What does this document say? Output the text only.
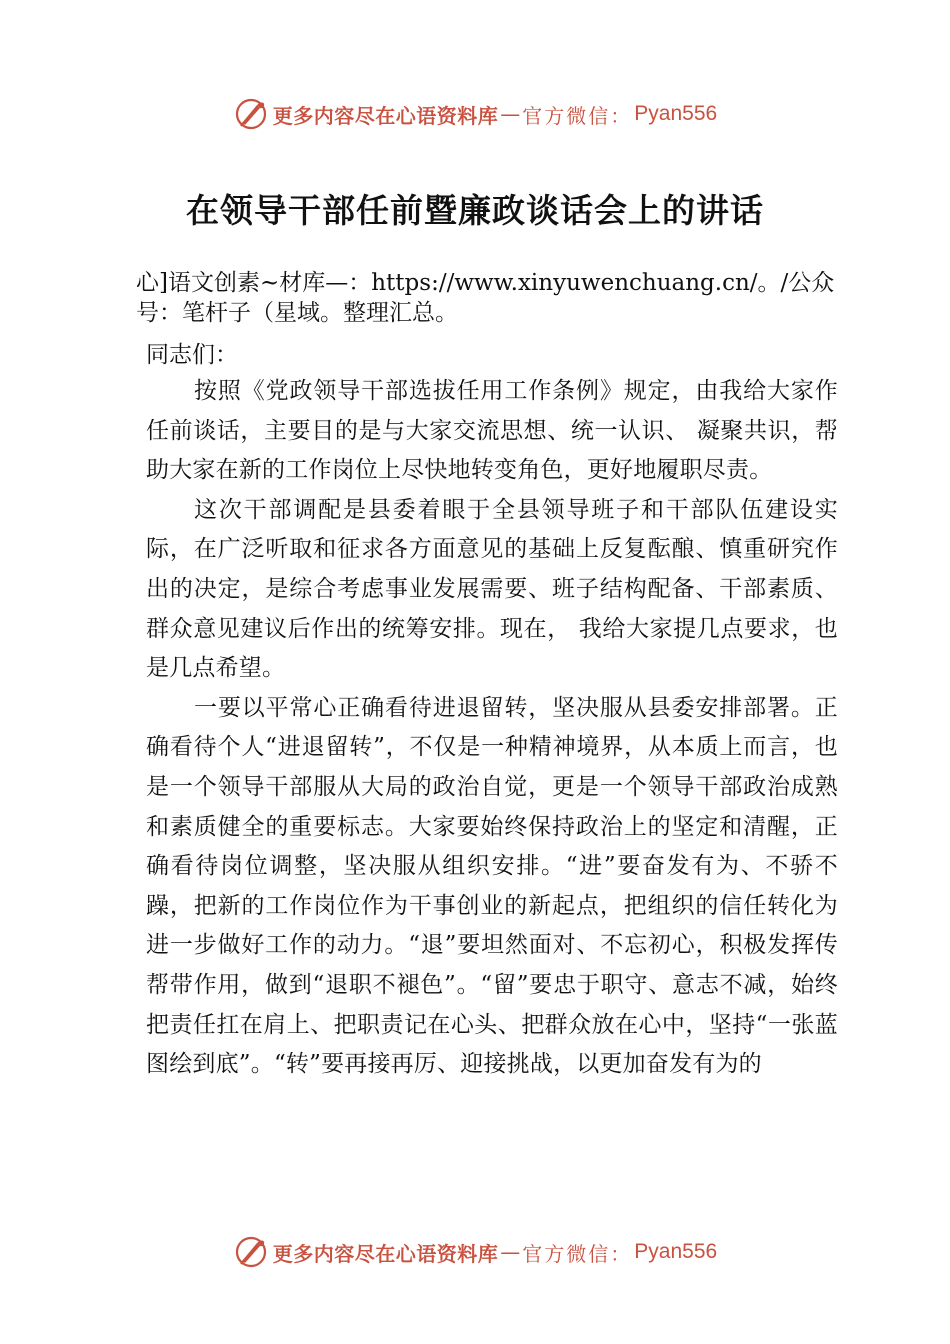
更多内容尽在心语资料库 — 官方微信： Pyan556
在领导干部任前暨廉政谈话会上的讲话

心]语文创素~材库—：https://www.xinyuwenchuang.cn/。/公众号：笔杆子（星域。整理汇总。

同志们：

按照《党政领导干部选拔任用工作条例》规定，由我给大家作任前谈话，主要目的是与大家交流思想、统一认识、 凝聚共识，帮助大家在新的工作岗位上尽快地转变角色，更好地履职尽责。

这次干部调配是县委着眼于全县领导班子和干部队伍建设实际，在广泛听取和征求各方面意见的基础上反复酝酿、慎重研究作出的决定，是综合考虑事业发展需要、班子结构配备、干部素质、群众意见建议后作出的统筹安排。现在， 我给大家提几点要求，也是几点希望。

一要以平常心正确看待进退留转，坚决服从县委安排部署。正确看待个人“进退留转”，不仅是一种精神境界，从本质上而言，也是一个领导干部服从大局的政治自觉，更是一个领导干部政治成熟和素质健全的重要标志。大家要始终保持政治上的坚定和清醒，正确看待岗位调整，坚决服从组织安排。“进”要奋发有为、不骄不躁，把新的工作岗位作为干事创业的新起点，把组织的信任转化为进一步做好工作的动力。“退”要坦然面对、不忘初心，积极发挥传帮带作用，做到“退职不褪色”。“留”要忠于职守、意志不减，始终把责任扛在肩上、把职责记在心头、把群众放在心中，坚持“一张蓝图绘到底”。“转”要再接再厉、迎接挑战，以更加奋发有为的

更多内容尽在心语资料库 — 官方微信： Pyan556
